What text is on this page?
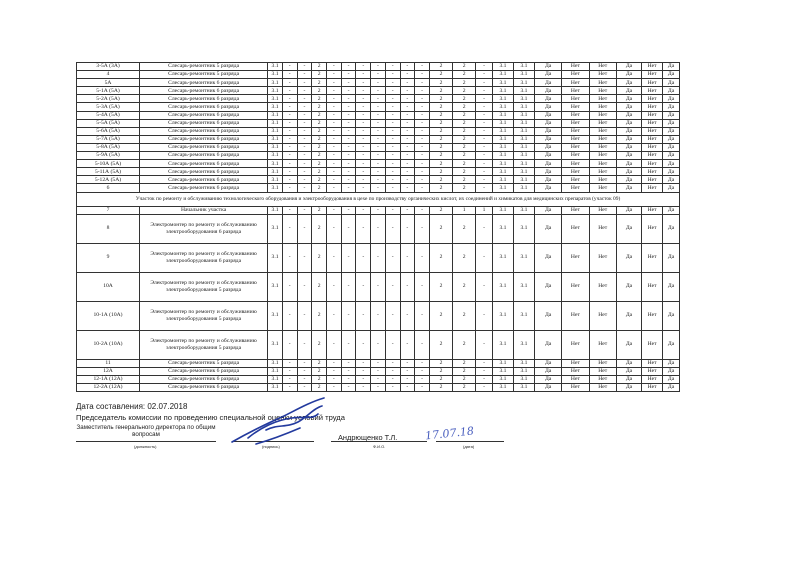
3-5А (3А)	Слесарь-ремонтник 5 разряда	3.1	-	-	2	-	-	-	-	-	-	-	2	2	-	3.1	3.1	Да	Нет	Нет	Да	Нет	Да
4	Слесарь-ремонтник 5 разряда	3.1	-	-	2	-	-	-	-	-	-	-	2	2	-	3.1	3.1	Да	Нет	Нет	Да	Нет	Да
5А	Слесарь-ремонтник 6 разряда	3.1	-	-	2	-	-	-	-	-	-	-	2	2	-	3.1	3.1	Да	Нет	Нет	Да	Нет	Да
5-1А (5А)	Слесарь-ремонтник 6 разряда	3.1	-	-	2	-	-	-	-	-	-	-	2	2	-	3.1	3.1	Да	Нет	Нет	Да	Нет	Да
5-2А (5А)	Слесарь-ремонтник 6 разряда	3.1	-	-	2	-	-	-	-	-	-	-	2	2	-	3.1	3.1	Да	Нет	Нет	Да	Нет	Да
5-3А (5А)	Слесарь-ремонтник 6 разряда	3.1	-	-	2	-	-	-	-	-	-	-	2	2	-	3.1	3.1	Да	Нет	Нет	Да	Нет	Да
5-4А (5А)	Слесарь-ремонтник 6 разряда	3.1	-	-	2	-	-	-	-	-	-	-	2	2	-	3.1	3.1	Да	Нет	Нет	Да	Нет	Да
5-5А (5А)	Слесарь-ремонтник 6 разряда	3.1	-	-	2	-	-	-	-	-	-	-	2	2	-	3.1	3.1	Да	Нет	Нет	Да	Нет	Да
5-6А (5А)	Слесарь-ремонтник 6 разряда	3.1	-	-	2	-	-	-	-	-	-	-	2	2	-	3.1	3.1	Да	Нет	Нет	Да	Нет	Да
5-7А (5А)	Слесарь-ремонтник 6 разряда	3.1	-	-	2	-	-	-	-	-	-	-	2	2	-	3.1	3.1	Да	Нет	Нет	Да	Нет	Да
5-8А (5А)	Слесарь-ремонтник 6 разряда	3.1	-	-	2	-	-	-	-	-	-	-	2	2	-	3.1	3.1	Да	Нет	Нет	Да	Нет	Да
5-9А (5А)	Слесарь-ремонтник 6 разряда	3.1	-	-	2	-	-	-	-	-	-	-	2	2	-	3.1	3.1	Да	Нет	Нет	Да	Нет	Да
5-10А (5А)	Слесарь-ремонтник 6 разряда	3.1	-	-	2	-	-	-	-	-	-	-	2	2	-	3.1	3.1	Да	Нет	Нет	Да	Нет	Да
5-11А (5А)	Слесарь-ремонтник 6 разряда	3.1	-	-	2	-	-	-	-	-	-	-	2	2	-	3.1	3.1	Да	Нет	Нет	Да	Нет	Да
5-12А (5А)	Слесарь-ремонтник 6 разряда	3.1	-	-	2	-	-	-	-	-	-	-	2	2	-	3.1	3.1	Да	Нет	Нет	Да	Нет	Да
6	Слесарь-ремонтник 6 разряда	3.1	-	-	2	-	-	-	-	-	-	-	2	2	-	3.1	3.1	Да	Нет	Нет	Да	Нет	Да
Участок по ремонту и обслуживанию технологического оборудования и электрооборудования в цехе по производству органических кислот, их соединений и химикатов для медицинских препаратов (участок 09)																							
7	Начальник участка	3.1	-	-	2	-	-	-	-	-	-	-	2	1	1	3.1	3.1	Да	Нет	Нет	Да	Нет	Да
8	Электромонтер по ремонту и обслуживанию электрооборудования 6 разряда	3.1	-	-	2	-	-	-	-	-	-	-	2	2	-	3.1	3.1	Да	Нет	Нет	Да	Нет	Да
9	Электромонтер по ремонту и обслуживанию электрооборудования 6 разряда	3.1	-	-	2	-	-	-	-	-	-	-	2	2	-	3.1	3.1	Да	Нет	Нет	Да	Нет	Да
10А	Электромонтер по ремонту и обслуживанию электрооборудования 5 разряда	3.1	-	-	2	-	-	-	-	-	-	-	2	2	-	3.1	3.1	Да	Нет	Нет	Да	Нет	Да
10-1А (10А)	Электромонтер по ремонту и обслуживанию электрооборудования 5 разряда	3.1	-	-	2	-	-	-	-	-	-	-	2	2	-	3.1	3.1	Да	Нет	Нет	Да	Нет	Да
10-2А (10А)	Электромонтер по ремонту и обслуживанию электрооборудования 5 разряда	3.1	-	-	2	-	-	-	-	-	-	-	2	2	-	3.1	3.1	Да	Нет	Нет	Да	Нет	Да
11	Слесарь-ремонтник 5 разряда	3.1	-	-	2	-	-	-	-	-	-	-	2	2	-	3.1	3.1	Да	Нет	Нет	Да	Нет	Да
12А	Слесарь-ремонтник 6 разряда	3.1	-	-	2	-	-	-	-	-	-	-	2	2	-	3.1	3.1	Да	Нет	Нет	Да	Нет	Да
12-1А (12А)	Слесарь-ремонтник 6 разряда	3.1	-	-	2	-	-	-	-	-	-	-	2	2	-	3.1	3.1	Да	Нет	Нет	Да	Нет	Да
12-2А (12А)	Слесарь-ремонтник 6 разряда	3.1	-	-	2	-	-	-	-	-	-	-	2	2	-	3.1	3.1	Да	Нет	Нет	Да	Нет	Да
Дата составления: 02.07.2018
Председатель комиссии по проведению специальной оценки условий труда
Заместитель генерального директора по общим вопросам
(должность)	(подпись)	Ф.И.О.	(дата)
Андрющенко Т.Л. 17.07.18
